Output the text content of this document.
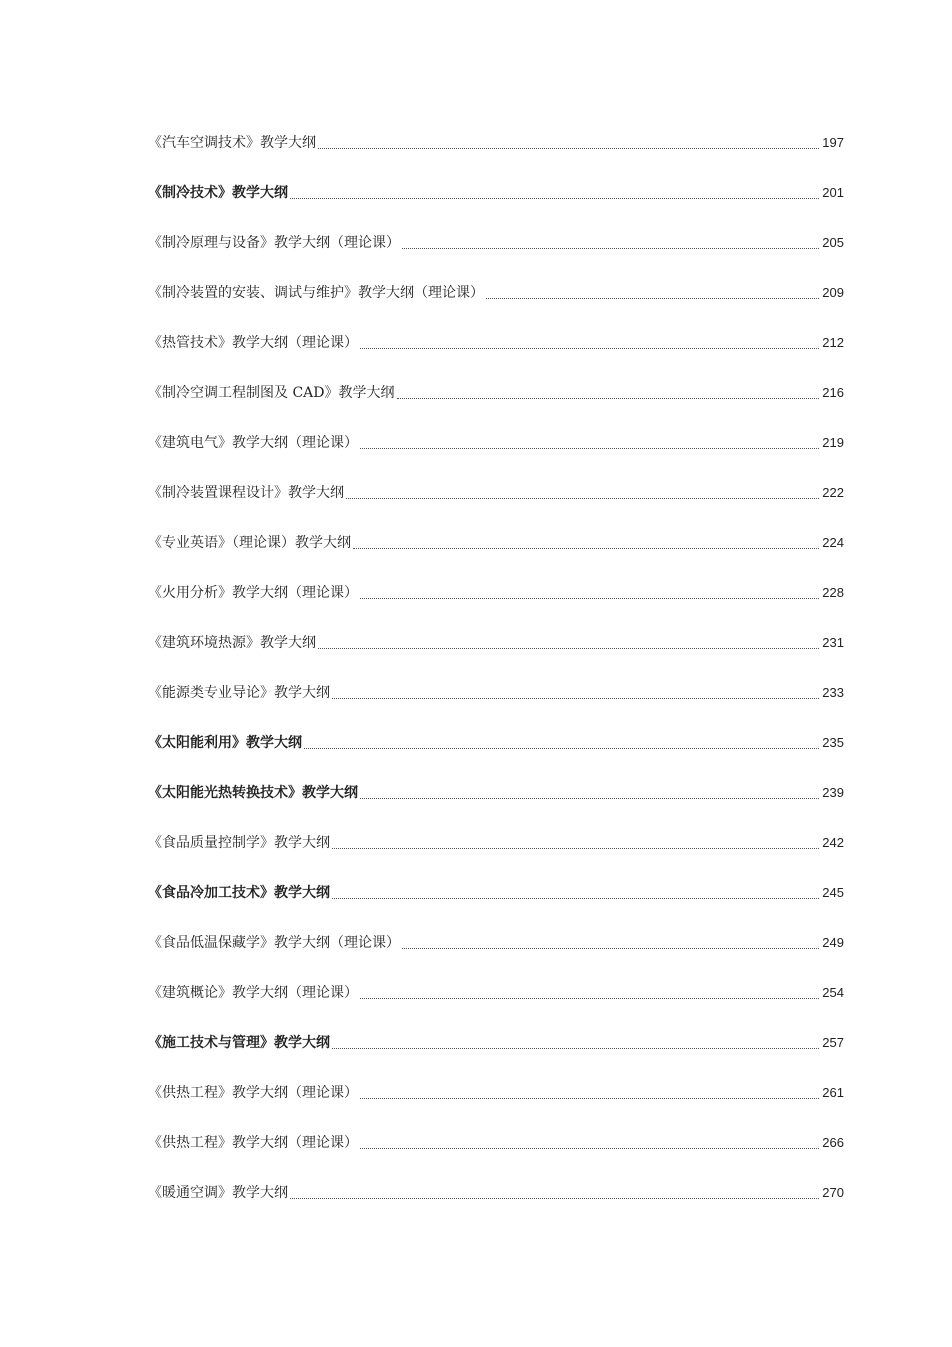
《汽车空调技术》教学大纲	197
《制冷技术》教学大纲	201
《制冷原理与设备》教学大纲（理论课）	205
《制冷装置的安装、调试与维护》教学大纲（理论课）	209
《热管技术》教学大纲（理论课）	212
《制冷空调工程制图及 CAD》教学大纲	216
《建筑电气》教学大纲（理论课）	219
《制冷装置课程设计》教学大纲	222
《专业英语》（理论课）教学大纲	224
《火用分析》教学大纲（理论课）	228
《建筑环境热源》教学大纲	231
《能源类专业导论》教学大纲	233
《太阳能利用》教学大纲	235
《太阳能光热转换技术》教学大纲	239
《食品质量控制学》教学大纲	242
《食品冷加工技术》教学大纲	245
《食品低温保藏学》教学大纲（理论课）	249
《建筑概论》教学大纲（理论课）	254
《施工技术与管理》教学大纲	257
《供热工程》教学大纲（理论课）	261
《供热工程》教学大纲（理论课）	266
《暖通空调》教学大纲	270
